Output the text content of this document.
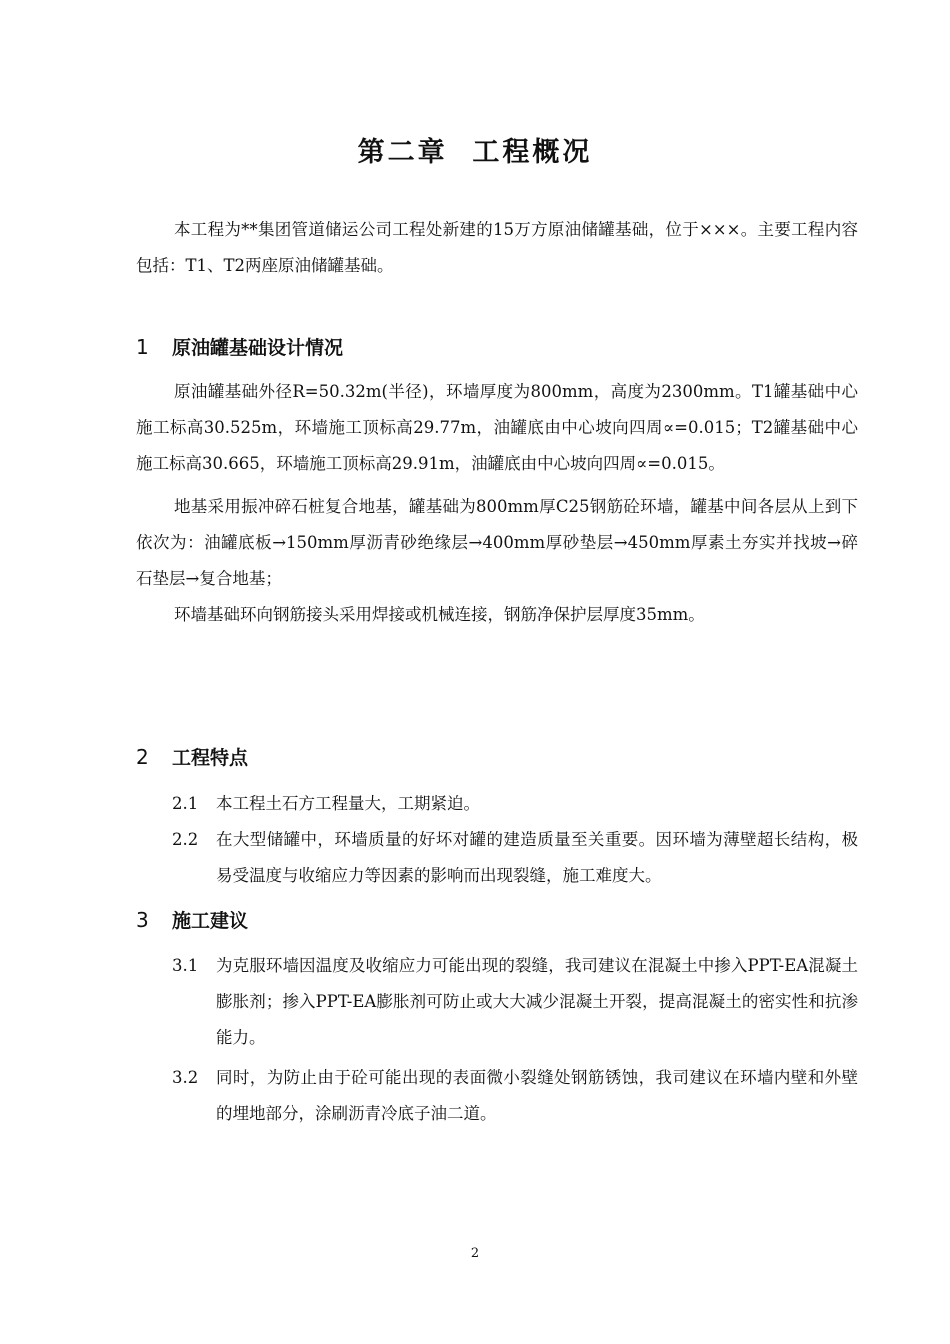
第二章  工程概况

本工程为**集团管道储运公司工程处新建的15万方原油储罐基础，位于×××。主要工程内容包括：T1、T2两座原油储罐基础。

1 原油罐基础设计情况

原油罐基础外径R=50.32m(半径)，环墙厚度为800mm，高度为2300mm。T1罐基础中心施工标高30.525m，环墙施工顶标高29.77m，油罐底由中心坡向四周∝=0.015；T2罐基础中心施工标高30.665，环墙施工顶标高29.91m，油罐底由中心坡向四周∝=0.015。

地基采用振冲碎石桩复合地基，罐基础为800mm厚C25钢筋砼环墙，罐基中间各层从上到下依次为：油罐底板→150mm厚沥青砂绝缘层→400mm厚砂垫层→450mm厚素土夯实并找坡→碎石垫层→复合地基；

环墙基础环向钢筋接头采用焊接或机械连接，钢筋净保护层厚度35mm。

2 工程特点
2.1	本工程土石方工程量大，工期紧迫。
2.2	在大型储罐中，环墙质量的好坏对罐的建造质量至关重要。因环墙为薄壁超长结构，极易受温度与收缩应力等因素的影响而出现裂缝，施工难度大。
3 施工建议
3.1	为克服环墙因温度及收缩应力可能出现的裂缝，我司建议在混凝土中掺入PPT-EA混凝土膨胀剂；掺入PPT-EA膨胀剂可防止或大大减少混凝土开裂，提高混凝土的密实性和抗渗能力。
3.2	同时，为防止由于砼可能出现的表面微小裂缝处钢筋锈蚀，我司建议在环墙内壁和外壁的埋地部分，涂刷沥青冷底子油二道。
2
